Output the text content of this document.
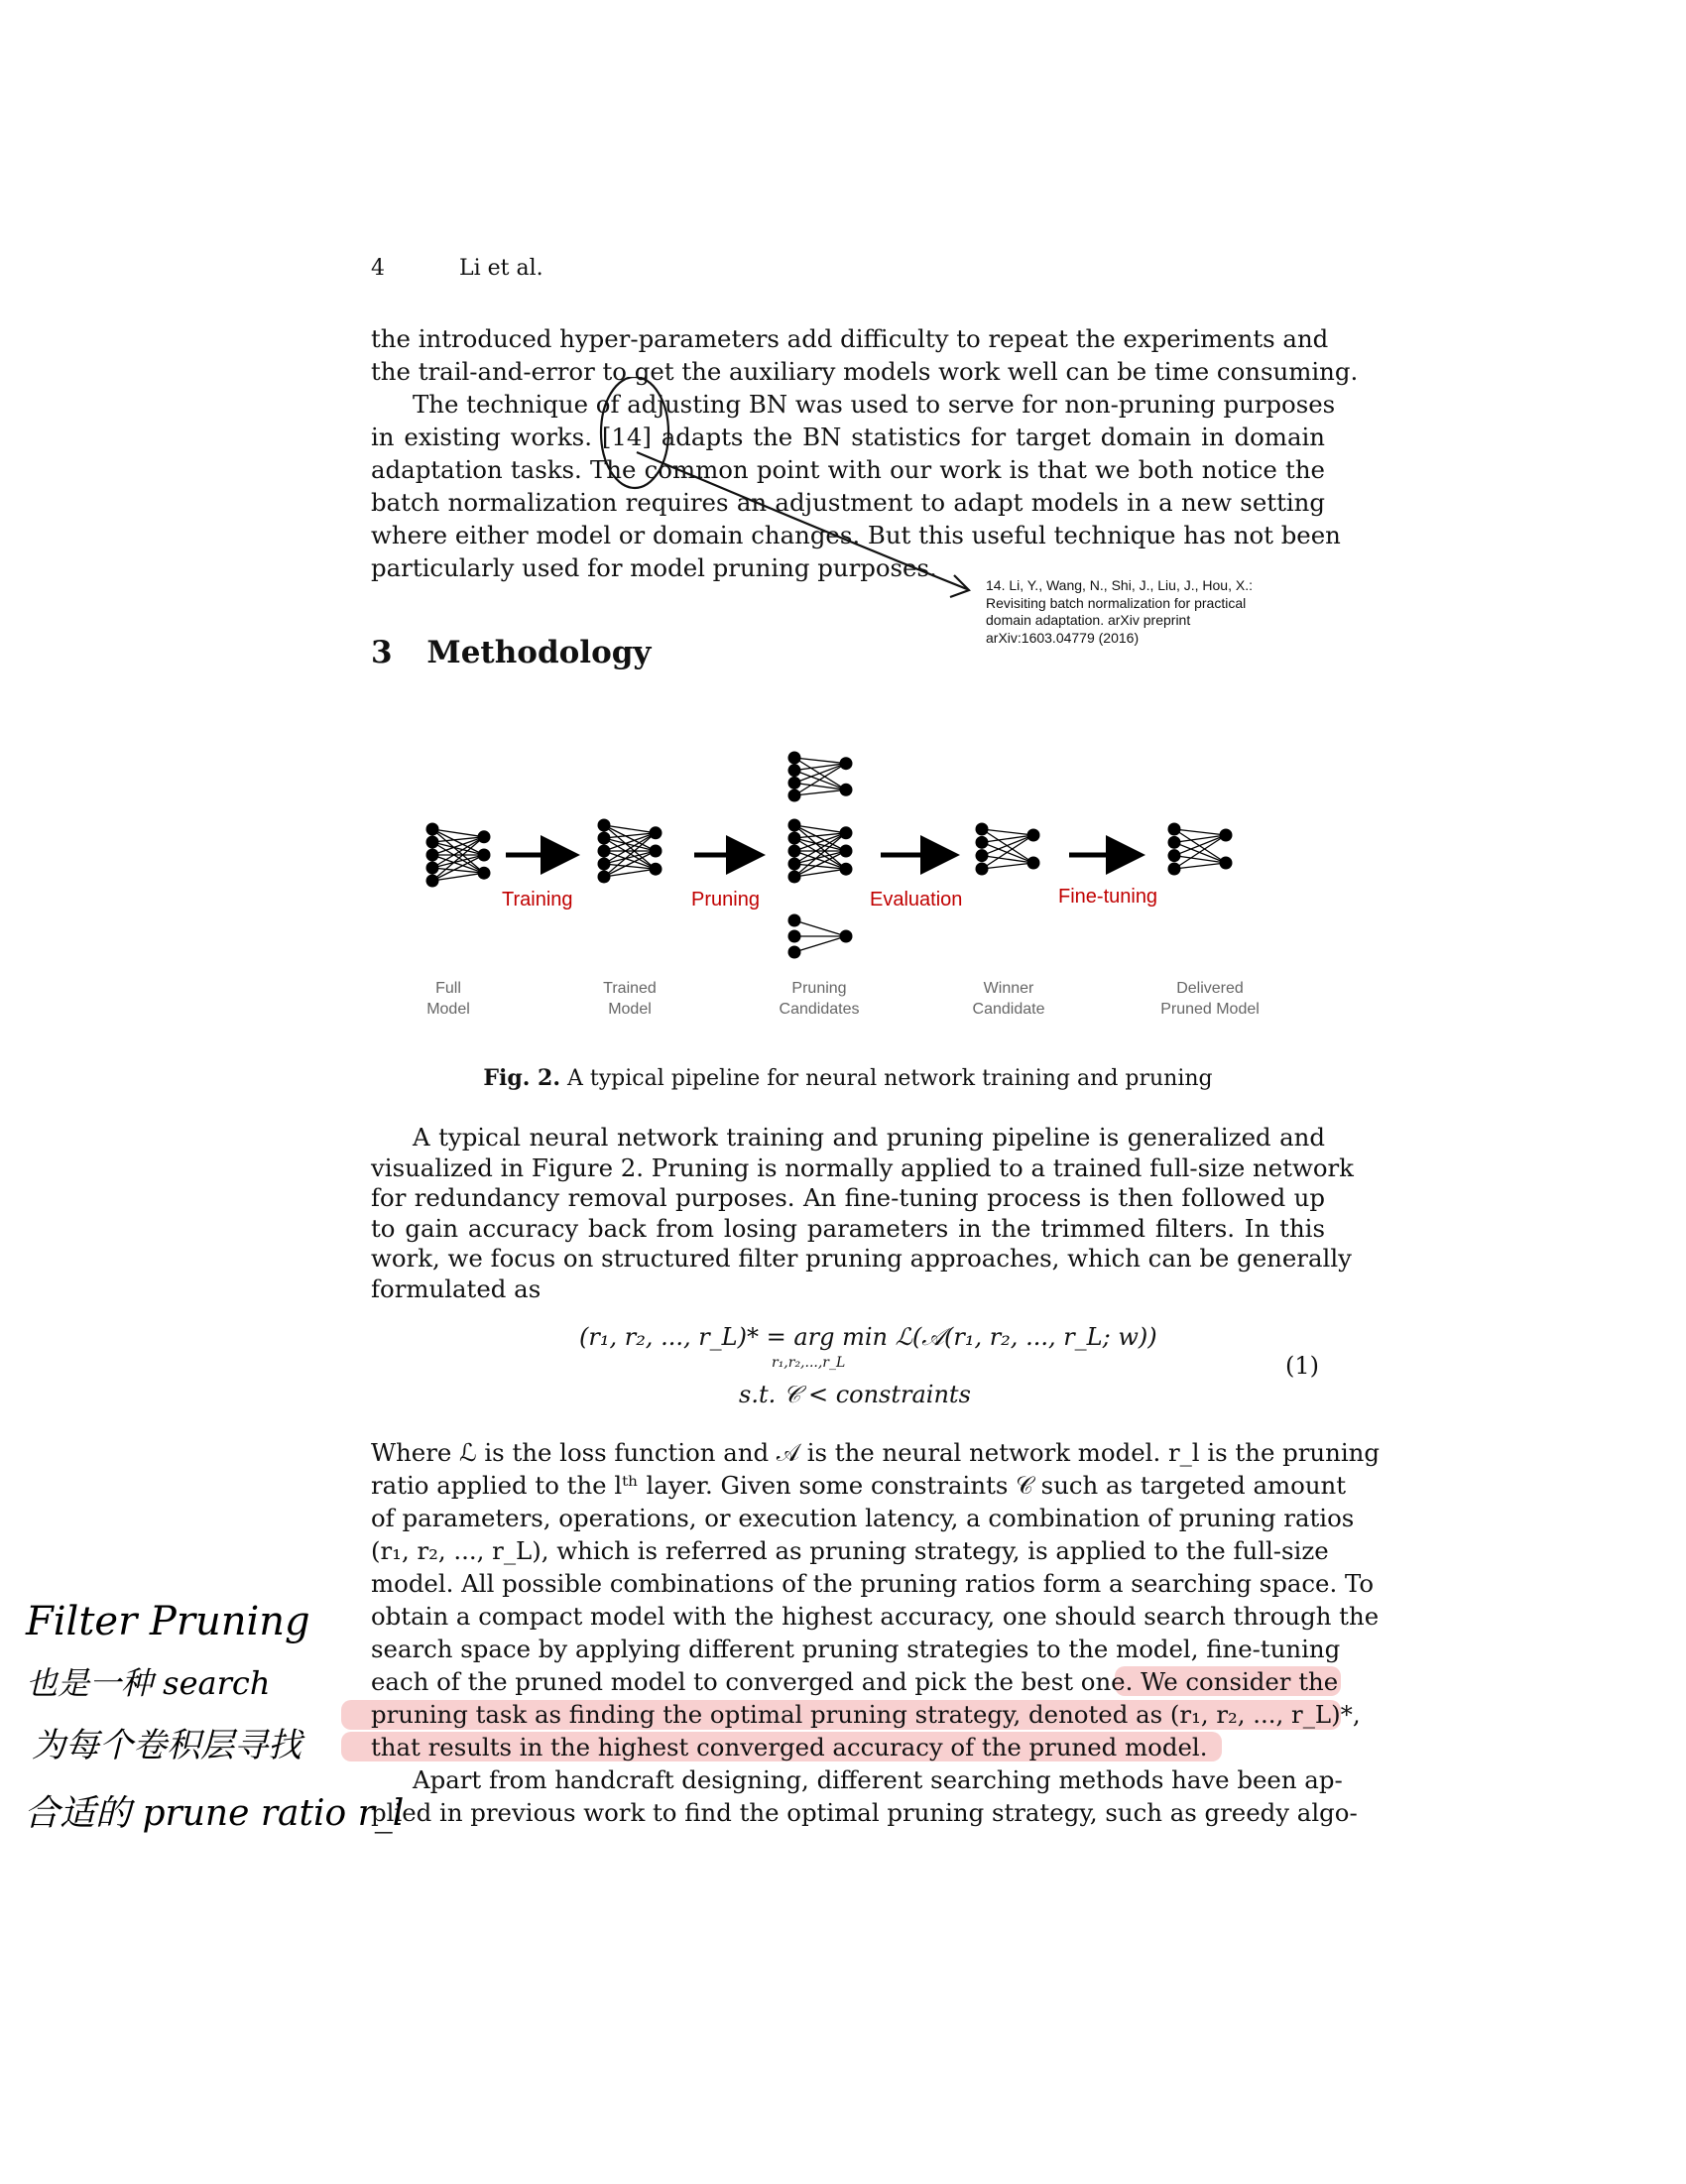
4	Li et al.
the introduced hyper-parameters add difficulty to repeat the experiments and
the trail-and-error to get the auxiliary models work well can be time consuming.
The technique of adjusting BN was used to serve for non-pruning purposes
in existing works. [14] adapts the BN statistics for target domain in domain
adaptation tasks. The common point with our work is that we both notice the
batch normalization requires an adjustment to adapt models in a new setting
where either model or domain changes. But this useful technique has not been
particularly used for model pruning purposes.
14. Li, Y., Wang, N., Shi, J., Liu, J., Hou, X.: Revisiting batch normalization for practical domain adaptation. arXiv preprint arXiv:1603.04779 (2016)
3 Methodology
Training	Pruning	Evaluation	Fine-tuning
Full
Model
Trained
Model
Pruning
Candidates
Winner
Candidate
Delivered
Pruned Model
Fig. 2. A typical pipeline for neural network training and pruning
A typical neural network training and pruning pipeline is generalized and
visualized in Figure 2. Pruning is normally applied to a trained full-size network
for redundancy removal purposes. An fine-tuning process is then followed up
to gain accuracy back from losing parameters in the trimmed filters. In this
work, we focus on structured filter pruning approaches, which can be generally
formulated as
(r₁, r₂, ..., r_L)* = arg min ℒ(𝒜(r₁, r₂, ..., r_L; w))
r₁,r₂,...,r_L
s.t. 𝒞 < constraints
(1)
Where ℒ is the loss function and 𝒜 is the neural network model. r_l is the pruning
ratio applied to the lᵗʰ layer. Given some constraints 𝒞 such as targeted amount
of parameters, operations, or execution latency, a combination of pruning ratios
(r₁, r₂, ..., r_L), which is referred as pruning strategy, is applied to the full-size
model. All possible combinations of the pruning ratios form a searching space. To
obtain a compact model with the highest accuracy, one should search through the
search space by applying different pruning strategies to the model, fine-tuning
each of the pruned model to converged and pick the best one. We consider the
pruning task as finding the optimal pruning strategy, denoted as (r₁, r₂, ..., r_L)*,
that results in the highest converged accuracy of the pruned model.
Apart from handcraft designing, different searching methods have been ap-
plied in previous work to find the optimal pruning strategy, such as greedy algo-
Filter Pruning
也是一种 search
为每个卷积层寻找
合适的 prune ratio r_l
